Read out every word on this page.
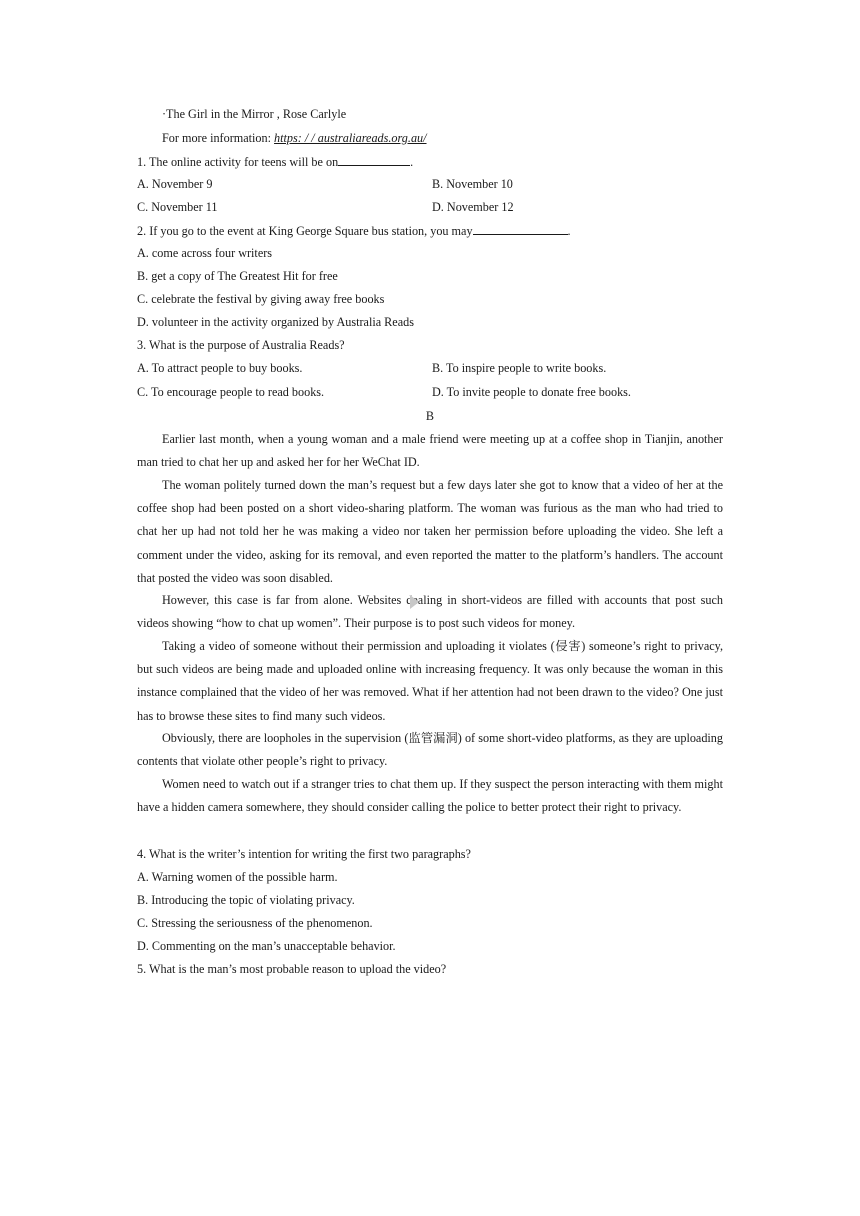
·The Girl in the Mirror , Rose Carlyle
For more information: https: / / australiareads.org.au/
1. The online activity for teens will be on	.
A. November 9	B. November 10
C. November 11	D. November 12
2. If you go to the event at King George Square bus station, you may	.
A. come across four writers
B. get a copy of The Greatest Hit for free
C. celebrate the festival by giving away free books
D. volunteer in the activity organized by Australia Reads
3. What is the purpose of Australia Reads?
A. To attract people to buy books.	B. To inspire people to write books.
C. To encourage people to read books.	D. To invite people to donate free books.
B

Earlier last month, when a young woman and a male friend were meeting up at a coffee shop in Tianjin, another man tried to chat her up and asked her for her WeChat ID.

The woman politely turned down the man’s request but a few days later she got to know that a video of her at the coffee shop had been posted on a short video-sharing platform. The woman was furious as the man who had tried to chat her up had not told her he was making a video nor taken her permission before uploading the video. She left a comment under the video, asking for its removal, and even reported the matter to the platform’s handlers. The account that posted the video was soon disabled.

However, this case is far from alone. Websites dealing in short-videos are filled with accounts that post such videos showing “how to chat up women”. Their purpose is to post such videos for money.

Taking a video of someone without their permission and uploading it violates (侵害) someone’s right to privacy, but such videos are being made and uploaded online with increasing frequency. It was only because the woman in this instance complained that the video of her was removed. What if her attention had not been drawn to the video? One just has to browse these sites to find many such videos.

Obviously, there are loopholes in the supervision (监管漏洞) of some short-video platforms, as they are uploading contents that violate other people’s right to privacy.

Women need to watch out if a stranger tries to chat them up. If they suspect the person interacting with them might have a hidden camera somewhere, they should consider calling the police to better protect their right to privacy.

4. What is the writer’s intention for writing the first two paragraphs?
A. Warning women of the possible harm.
B. Introducing the topic of violating privacy.
C. Stressing the seriousness of the phenomenon.
D. Commenting on the man’s unacceptable behavior.
5. What is the man’s most probable reason to upload the video?
